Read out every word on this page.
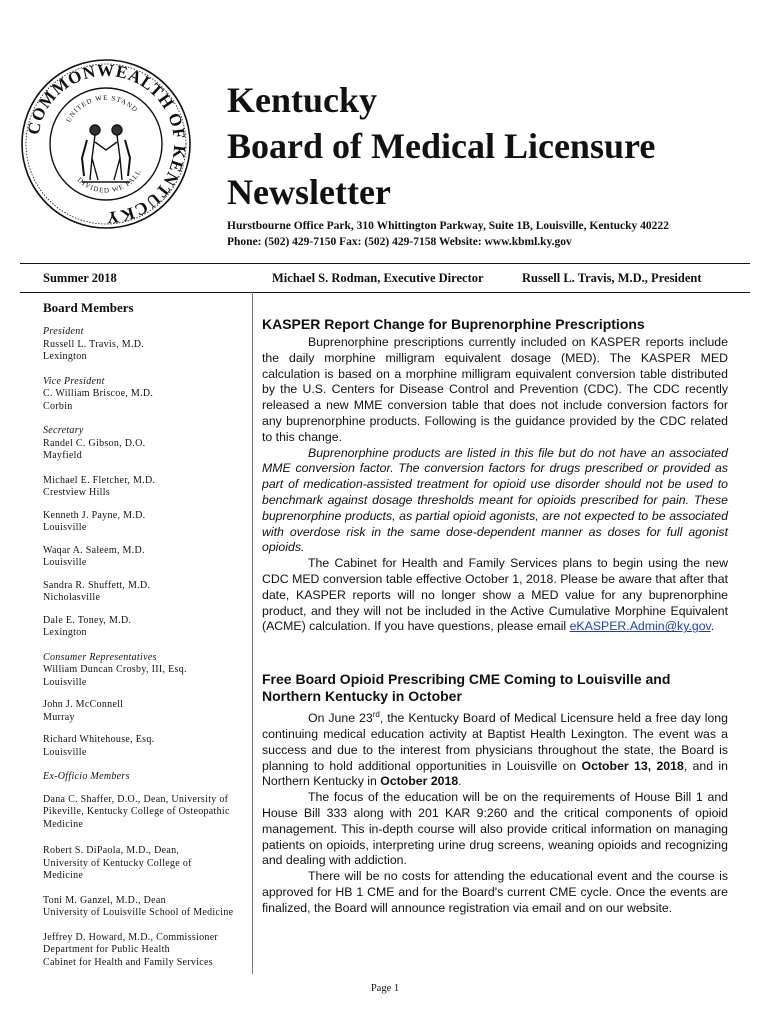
COMMONWEALTH OF KENTUCKY
UNITED WE STAND
DIVIDED WE FALL
Kentucky
Board of Medical Licensure
Newsletter
Hurstbourne Office Park, 310 Whittington Parkway, Suite 1B, Louisville, Kentucky 40222
Phone: (502) 429-7150 Fax: (502) 429-7158 Website: www.kbml.ky.gov
Summer 2018	Michael S. Rodman, Executive Director	Russell L. Travis, M.D., President
Board Members
President
Russell L. Travis, M.D.
Lexington
Vice President
C. William Briscoe, M.D.
Corbin
Secretary
Randel C. Gibson, D.O.
Mayfield
Michael E. Fletcher, M.D.
Crestview Hills
Kenneth J. Payne, M.D.
Louisville
Waqar A. Saleem, M.D.
Louisville
Sandra R. Shuffett, M.D.
Nicholasville
Dale E. Toney, M.D.
Lexington
Consumer Representatives
William Duncan Crosby, III, Esq.
Louisville
John J. McConnell
Murray
Richard Whitehouse, Esq.
Louisville
Ex-Officio Members
Dana C. Shaffer, D.O., Dean, University of
Pikeville, Kentucky College of Osteopathic
Medicine
Robert S. DiPaola, M.D., Dean,
University of Kentucky College of
Medicine
Toni M. Ganzel, M.D., Dean
University of Louisville School of Medicine
Jeffrey D. Howard, M.D., Commissioner
Department for Public Health
Cabinet for Health and Family Services
KASPER Report Change for Buprenorphine Prescriptions

Buprenorphine prescriptions currently included on KASPER reports include the daily morphine milligram equivalent dosage (MED). The KASPER MED calculation is based on a morphine milligram equivalent conversion table distributed by the U.S. Centers for Disease Control and Prevention (CDC). The CDC recently released a new MME conversion table that does not include conversion factors for any buprenorphine products. Following is the guidance provided by the CDC related to this change.

Buprenorphine products are listed in this file but do not have an associated MME conversion factor. The conversion factors for drugs prescribed or provided as part of medication-assisted treatment for opioid use disorder should not be used to benchmark against dosage thresholds meant for opioids prescribed for pain. These buprenorphine products, as partial opioid agonists, are not expected to be associated with overdose risk in the same dose-dependent manner as doses for full agonist opioids.

The Cabinet for Health and Family Services plans to begin using the new CDC MED conversion table effective October 1, 2018. Please be aware that after that date, KASPER reports will no longer show a MED value for any buprenorphine product, and they will not be included in the Active Cumulative Morphine Equivalent (ACME) calculation. If you have questions, please email eKASPER.Admin@ky.gov.

Free Board Opioid Prescribing CME Coming to Louisville and Northern Kentucky in October

On June 23rd, the Kentucky Board of Medical Licensure held a free day long continuing medical education activity at Baptist Health Lexington. The event was a success and due to the interest from physicians throughout the state, the Board is planning to hold additional opportunities in Louisville on October 13, 2018, and in Northern Kentucky in October 2018.

The focus of the education will be on the requirements of House Bill 1 and House Bill 333 along with 201 KAR 9:260 and the critical components of opioid management. This in-depth course will also provide critical information on managing patients on opioids, interpreting urine drug screens, weaning opioids and recognizing and dealing with addiction.

There will be no costs for attending the educational event and the course is approved for HB 1 CME and for the Board's current CME cycle. Once the events are finalized, the Board will announce registration via email and on our website.

Page 1
